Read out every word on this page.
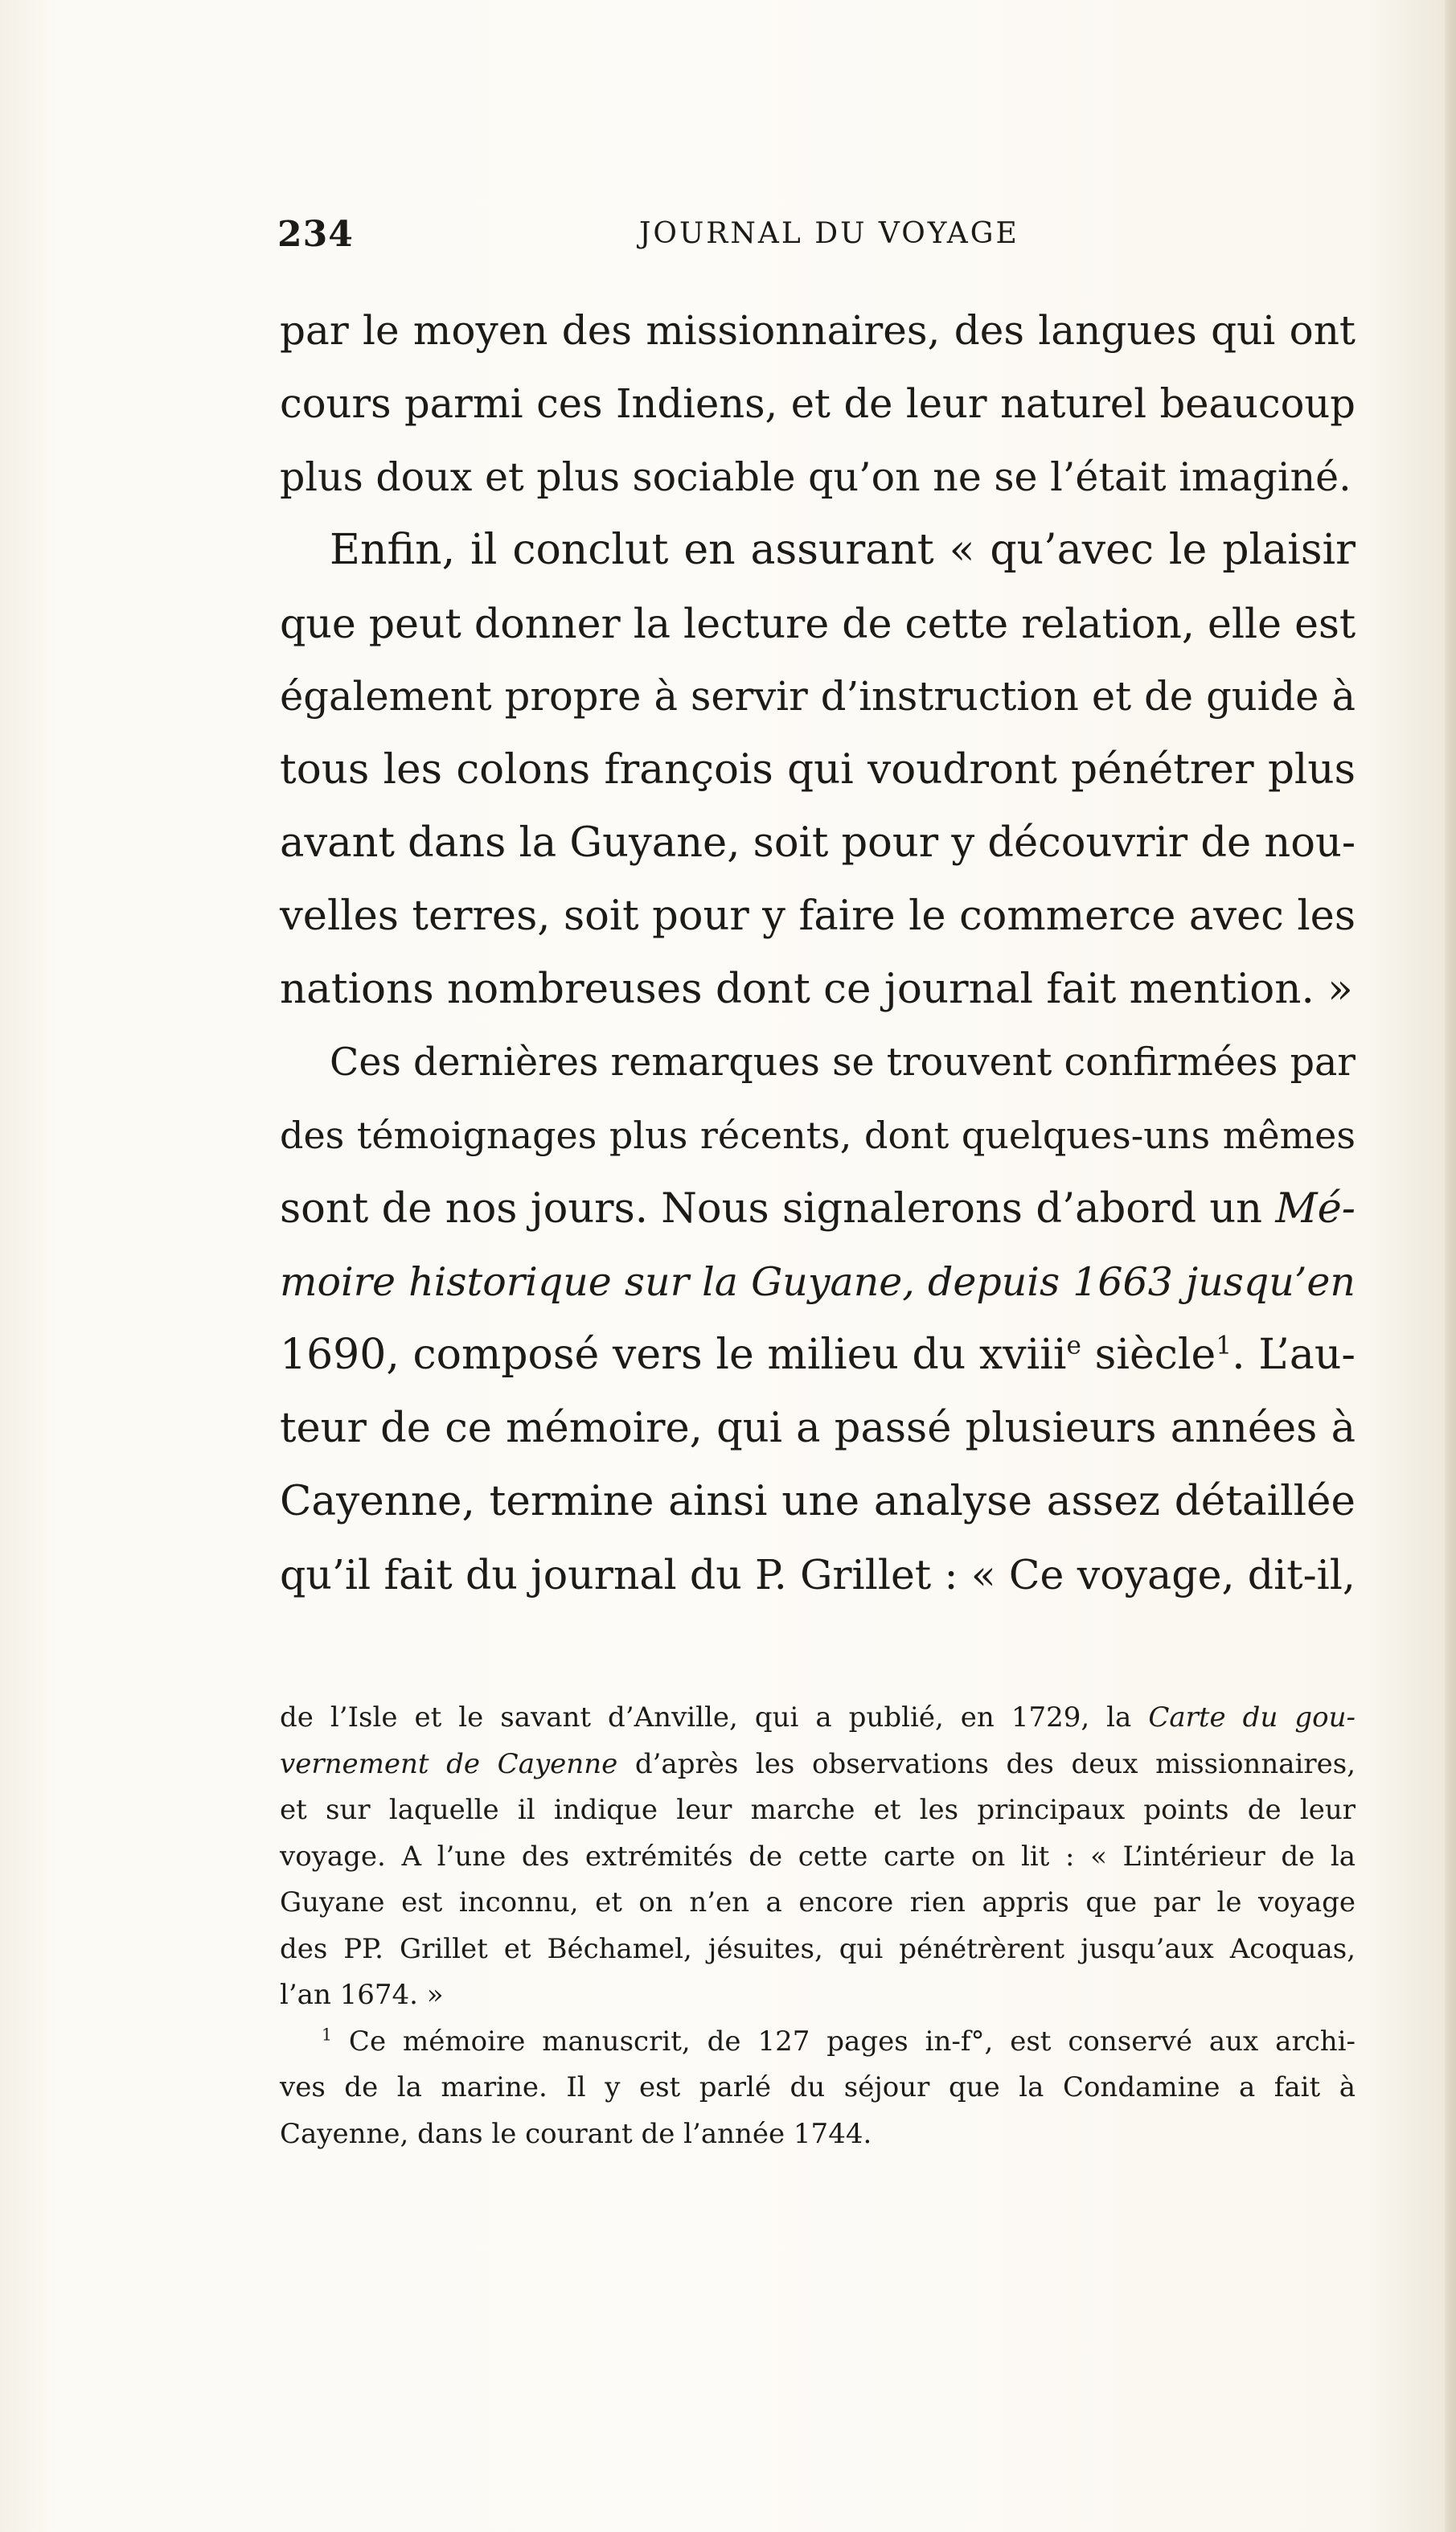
234	JOURNAL DU VOYAGE
par le moyen des missionnaires, des langues qui ont
cours parmi ces Indiens, et de leur naturel beaucoup
plus doux et plus sociable qu’on ne se l’était imaginé.
Enfin, il conclut en assurant « qu’avec le plaisir
que peut donner la lecture de cette relation, elle est
également propre à servir d’instruction et de guide à
tous les colons françois qui voudront pénétrer plus
avant dans la Guyane, soit pour y découvrir de nou-
velles terres, soit pour y faire le commerce avec les
nations nombreuses dont ce journal fait mention. »
Ces dernières remarques se trouvent confirmées par
des témoignages plus récents, dont quelques-uns mêmes
sont de nos jours. Nous signalerons d’abord un Mé-
moire historique sur la Guyane, depuis 1663 jusqu’en
1690, composé vers le milieu du xviii$^e$ siècle$^1$. L’au-
teur de ce mémoire, qui a passé plusieurs années à
Cayenne, termine ainsi une analyse assez détaillée
qu’il fait du journal du P. Grillet : « Ce voyage, dit-il,
de l’Isle et le savant d’Anville, qui a publié, en 1729, la Carte du gou-
vernement de Cayenne d’après les observations des deux missionnaires,
et sur laquelle il indique leur marche et les principaux points de leur
voyage. A l’une des extrémités de cette carte on lit : « L’intérieur de la
Guyane est inconnu, et on n’en a encore rien appris que par le voyage
des PP. Grillet et Béchamel, jésuites, qui pénétrèrent jusqu’aux Acoquas,
l’an 1674. »
$^1$ Ce mémoire manuscrit, de 127 pages in-f°, est conservé aux archi-
ves de la marine. Il y est parlé du séjour que la Condamine a fait à
Cayenne, dans le courant de l’année 1744.
